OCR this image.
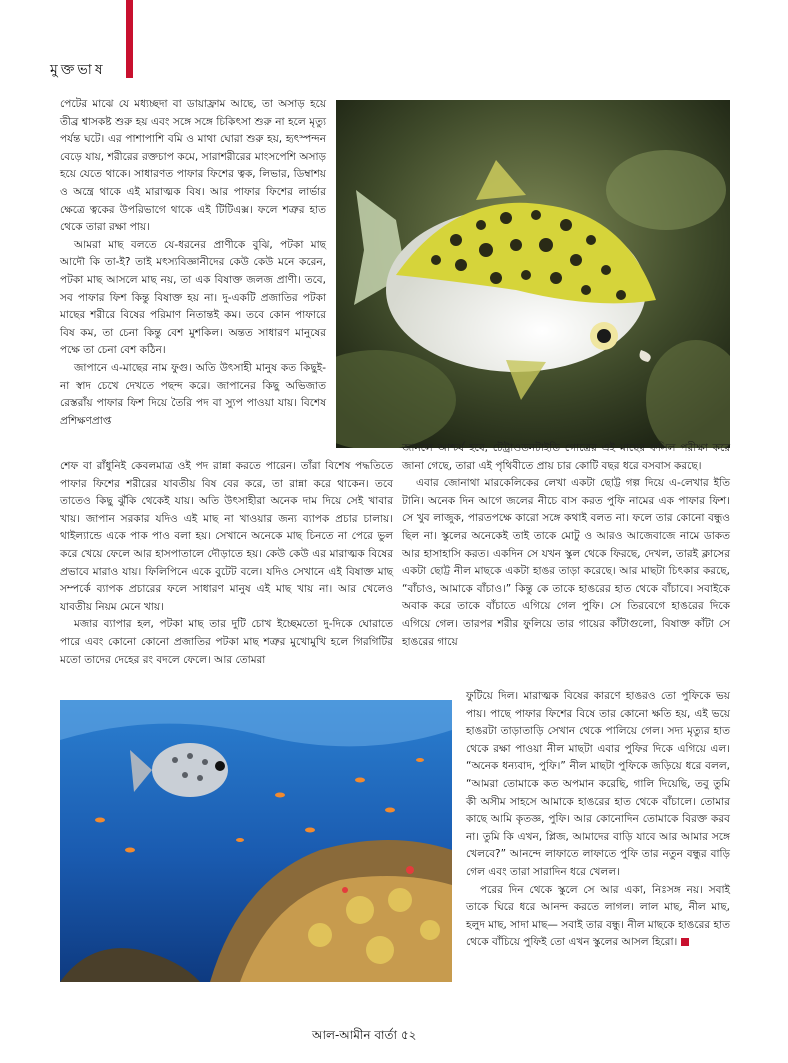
মুক্তভাষ

পেটের মাঝে যে মধ্যচ্ছদা বা ডায়াফ্রাম আছে, তা অসাড় হয়ে তীব্র শ্বাসকষ্ট শুরু হয় এবং সঙ্গে সঙ্গে চিকিৎসা শুরু না হলে মৃত্যু পর্যন্ত ঘটে। এর পাশাপাশি বমি ও মাথা ঘোরা শুরু হয়, হৃৎস্পন্দন বেড়ে যায়, শরীরের রক্তচাপ কমে, সারাশরীরের মাংসপেশি অসাড় হয়ে যেতে থাকে। সাধারণত পাফার ফিশের ত্বক, লিভার, ডিম্বাশয় ও অন্ত্রে থাকে এই মারাত্মক বিষ। আর পাফার ফিশের লার্ভার ক্ষেত্রে ত্বকের উপরিভাগে থাকে এই টিটিএক্স। ফলে শত্রুর হাত থেকে তারা রক্ষা পায়।

আমরা মাছ বলতে যে-ধরনের প্রাণীকে বুঝি, পটকা মাছ আদৌ কি তা-ই? তাই মৎস্যবিজ্ঞানীদের কেউ কেউ মনে করেন, পটকা মাছ আসলে মাছ নয়, তা এক বিষাক্ত জলজ প্রাণী। তবে, সব পাফার ফিশ কিন্তু বিষাক্ত হয় না। দু-একটি প্রজাতির পটকা মাছের শরীরে বিষের পরিমাণ নিতান্তই কম। তবে কোন পাফারে বিষ কম, তা চেনা কিন্তু বেশ মুশকিল। অন্তত সাধারণ মানুষের পক্ষে তা চেনা বেশ কঠিন।

জাপানে এ-মাছের নাম ফুগু। অতি উৎসাহী মানুষ কত কিছুই-না স্বাদ চেখে দেখতে পছন্দ করে। জাপানের কিছু অভিজাত রেস্তরাঁয় পাফার ফিশ দিয়ে তৈরি পদ বা স্যুপ পাওয়া যায়। বিশেষ প্রশিক্ষণপ্রাপ্ত

শেফ বা রাঁধুনিই কেবলমাত্র ওই পদ রান্না করতে পারেন। তাঁরা বিশেষ পদ্ধতিতে পাফার ফিশের শরীরের যাবতীয় বিষ বের করে, তা রান্না করে থাকেন। তবে তাতেও কিছু ঝুঁকি থেকেই যায়। অতি উৎসাহীরা অনেক দাম দিয়ে সেই খাবার খায়। জাপান সরকার যদিও এই মাছ না খাওয়ার জন্য ব্যাপক প্রচার চালায়। থাইল্যান্ডে একে পাক পাও বলা হয়। সেখানে অনেকে মাছ চিনতে না পেরে ভুল করে খেয়ে ফেলে আর হাসপাতালে দৌড়াতে হয়। কেউ কেউ এর মারাত্মক বিষের প্রভাবে মারাও যায়। ফিলিপিনে একে বুটেট বলে। যদিও সেখানে এই বিষাক্ত মাছ সম্পর্কে ব্যাপক প্রচারের ফলে সাধারণ মানুষ এই মাছ খায় না। আর খেলেও যাবতীয় নিয়ম মেনে খায়।

মজার ব্যাপার হল, পটকা মাছ তার দুটি চোখ ইচ্ছেমতো দু-দিকে ঘোরাতে পারে এবং কোনো কোনো প্রজাতির পটকা মাছ শত্রুর মুখোমুখি হলে গিরগিটির মতো তাদের দেহের রং বদলে ফেলে। আর তোমরা

জানলে আশ্চর্য হবে, টেট্রাওডনটাইডি গোত্রের এই মাছের ফসিল পরীক্ষা করে জানা গেছে, তারা এই পৃথিবীতে প্রায় চার কোটি বছর ধরে বসবাস করছে।

এবার জোনাথা মারকেলিকের লেখা একটা ছোট্ট গল্প দিয়ে এ-লেখার ইতি টানি। অনেক দিন আগে জলের নীচে বাস করত পুফি নামের এক পাফার ফিশ। সে খুব লাজুক, পারতপক্ষে কারো সঙ্গে কথাই বলত না। ফলে তার কোনো বন্ধুও ছিল না। স্কুলের অনেকেই তাই তাকে মোটু ও আরও আজেবাজে নামে ডাকত আর হাসাহাসি করত। একদিন সে যখন স্কুল থেকে ফিরছে, দেখল, তারই ক্লাসের একটা ছোট্ট নীল মাছকে একটা হাঙর তাড়া করেছে। আর মাছটা চিৎকার করছে, “বাঁচাও, আমাকে বাঁচাও।” কিন্তু কে তাকে হাঙরের হাত থেকে বাঁচাবে। সবাইকে অবাক করে তাকে বাঁচাতে এগিয়ে গেল পুফি। সে তিরবেগে হাঙরের দিকে এগিয়ে গেল। তারপর শরীর ফুলিয়ে তার গায়ের কাঁটাগুলো, বিষাক্ত কাঁটা সে হাঙরের গায়ে

ফুটিয়ে দিল। মারাত্মক বিষের কারণে হাঙরও তো পুফিকে ভয় পায়। পাছে পাফার ফিশের বিষে তার কোনো ক্ষতি হয়, এই ভয়ে হাঙরটা তাড়াতাড়ি সেখান থেকে পালিয়ে গেল। সদ্য মৃত্যুর হাত থেকে রক্ষা পাওয়া নীল মাছটা এবার পুফির দিকে এগিয়ে এল। “অনেক ধন্যবাদ, পুফি।” নীল মাছটা পুফিকে জড়িয়ে ধরে বলল, “আমরা তোমাকে কত অপমান করেছি, গালি দিয়েছি, তবু তুমি কী অসীম সাহসে আমাকে হাঙরের হাত থেকে বাঁচালে। তোমার কাছে আমি কৃতজ্ঞ, পুফি। আর কোনোদিন তোমাকে বিরক্ত করব না। তুমি কি এখন, প্লিজ, আমাদের বাড়ি যাবে আর আমার সঙ্গে খেলবে?” আনন্দে লাফাতে লাফাতে পুফি তার নতুন বন্ধুর বাড়ি গেল এবং তারা সারাদিন ধরে খেলল।

পরের দিন থেকে স্কুলে সে আর একা, নিঃসঙ্গ নয়। সবাই তাকে ঘিরে ধরে আনন্দ করতে লাগল। লাল মাছ, নীল মাছ, হলুদ মাছ, সাদা মাছ— সবাই তার বন্ধু। নীল মাছকে হাঙরের হাত থেকে বাঁচিয়ে পুফিই তো এখন স্কুলের আসল হিরো।

আল-আমীন বার্তা ৫২
